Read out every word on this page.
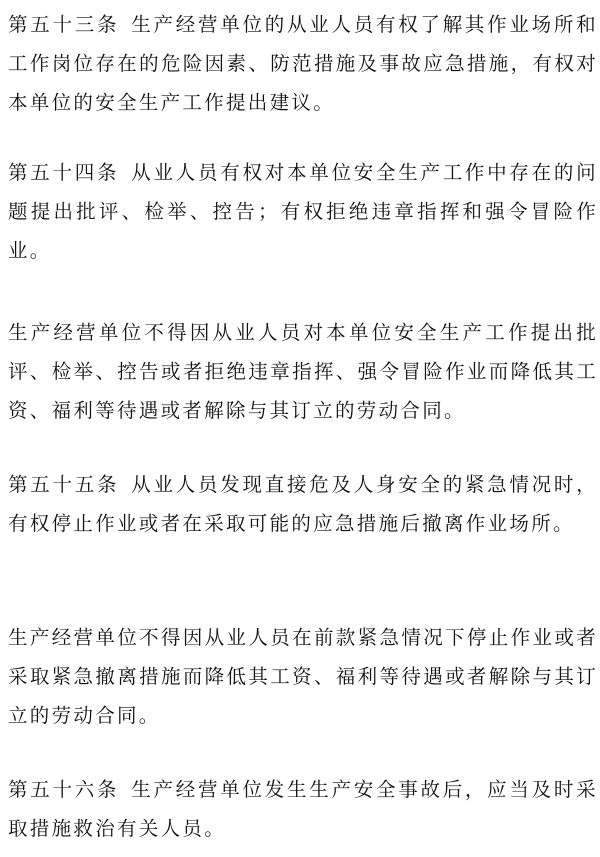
第五十三条 生产经营单位的从业人员有权了解其作业场所和工作岗位存在的危险因素、防范措施及事故应急措施，有权对本单位的安全生产工作提出建议。

第五十四条 从业人员有权对本单位安全生产工作中存在的问题提出批评、检举、控告；有权拒绝违章指挥和强令冒险作业。

生产经营单位不得因从业人员对本单位安全生产工作提出批评、检举、控告或者拒绝违章指挥、强令冒险作业而降低其工资、福利等待遇或者解除与其订立的劳动合同。

第五十五条 从业人员发现直接危及人身安全的紧急情况时，有权停止作业或者在采取可能的应急措施后撤离作业场所。

生产经营单位不得因从业人员在前款紧急情况下停止作业或者采取紧急撤离措施而降低其工资、福利等待遇或者解除与其订立的劳动合同。

第五十六条 生产经营单位发生生产安全事故后，应当及时采取措施救治有关人员。
